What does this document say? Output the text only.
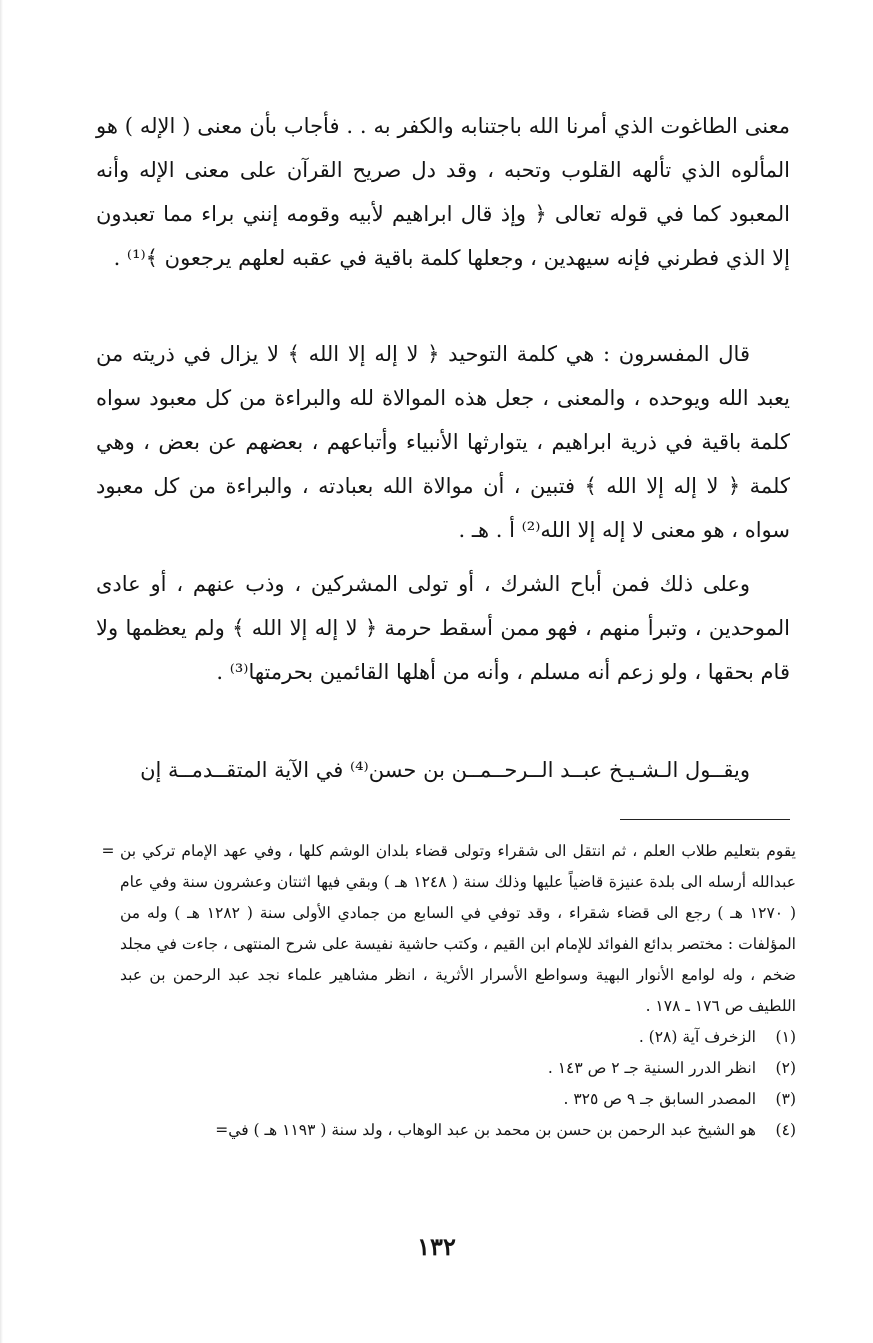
معنى الطاغوت الذي أمرنا الله باجتنابه والكفر به . . فأجاب بأن معنى ( الإله ) هو المألوه الذي تألهه القلوب وتحبه ، وقد دل صريح القرآن على معنى الإله وأنه المعبود كما في قوله تعالى ﴿ وإذ قال ابراهيم لأبيه وقومه إنني براء مما تعبدون إلا الذي فطرني فإنه سيهدين ، وجعلها كلمة باقية في عقبه لعلهم يرجعون ﴾⁽¹⁾ .

قال المفسرون : هي كلمة التوحيد ﴿ لا إله إلا الله ﴾ لا يزال في ذريته من يعبد الله ويوحده ، والمعنى ، جعل هذه الموالاة لله والبراءة من كل معبود سواه كلمة باقية في ذرية ابراهيم ، يتوارثها الأنبياء وأتباعهم ، بعضهم عن بعض ، وهي كلمة ﴿ لا إله إلا الله ﴾ فتبين ، أن موالاة الله بعبادته ، والبراءة من كل معبود سواه ، هو معنى لا إله إلا الله⁽²⁾ أ . هـ .

وعلى ذلك فمن أباح الشرك ، أو تولى المشركين ، وذب عنهم ، أو عادى الموحدين ، وتبرأ منهم ، فهو ممن أسقط حرمة ﴿ لا إله إلا الله ﴾ ولم يعظمها ولا قام بحقها ، ولو زعم أنه مسلم ، وأنه من أهلها القائمين بحرمتها⁽³⁾ .

ويقــول الـشـيـخ عبــد الــرحــمــن بن حسن⁽⁴⁾ في الآية المتقــدمــة إن

يقوم بتعليم طلاب العلم ، ثم انتقل الى شقراء وتولى قضاء بلدان الوشم كلها ، وفي عهد الإمام تركي بن عبدالله أرسله الى بلدة عنيزة قاضياً عليها وذلك سنة ( ١٢٤٨ هـ ) وبقي فيها اثنتان وعشرون سنة وفي عام ( ١٢٧٠ هـ ) رجع الى قضاء شقراء ، وقد توفي في السابع من جمادي الأولى سنة ( ١٢٨٢ هـ ) وله من المؤلفات : مختصر بدائع الفوائد للإمام ابن القيم ، وكتب حاشية نفيسة على شرح المنتهى ، جاءت في مجلد ضخم ، وله لوامع الأنوار البهية وسواطع الأسرار الأثرية ، انظر مشاهير علماء نجد عبد الرحمن بن عبد اللطيف ص ١٧٦ ـ ١٧٨ .
=
(١)
الزخرف آية (٢٨) .
(٢)
انظر الدرر السنية جـ ٢ ص ١٤٣ .
(٣)
المصدر السابق جـ ٩ ص ٣٢٥ .
(٤)
هو الشيخ عبد الرحمن بن حسن بن محمد بن عبد الوهاب ، ولد سنة ( ١١٩٣ هـ ) في=
١٣٢
